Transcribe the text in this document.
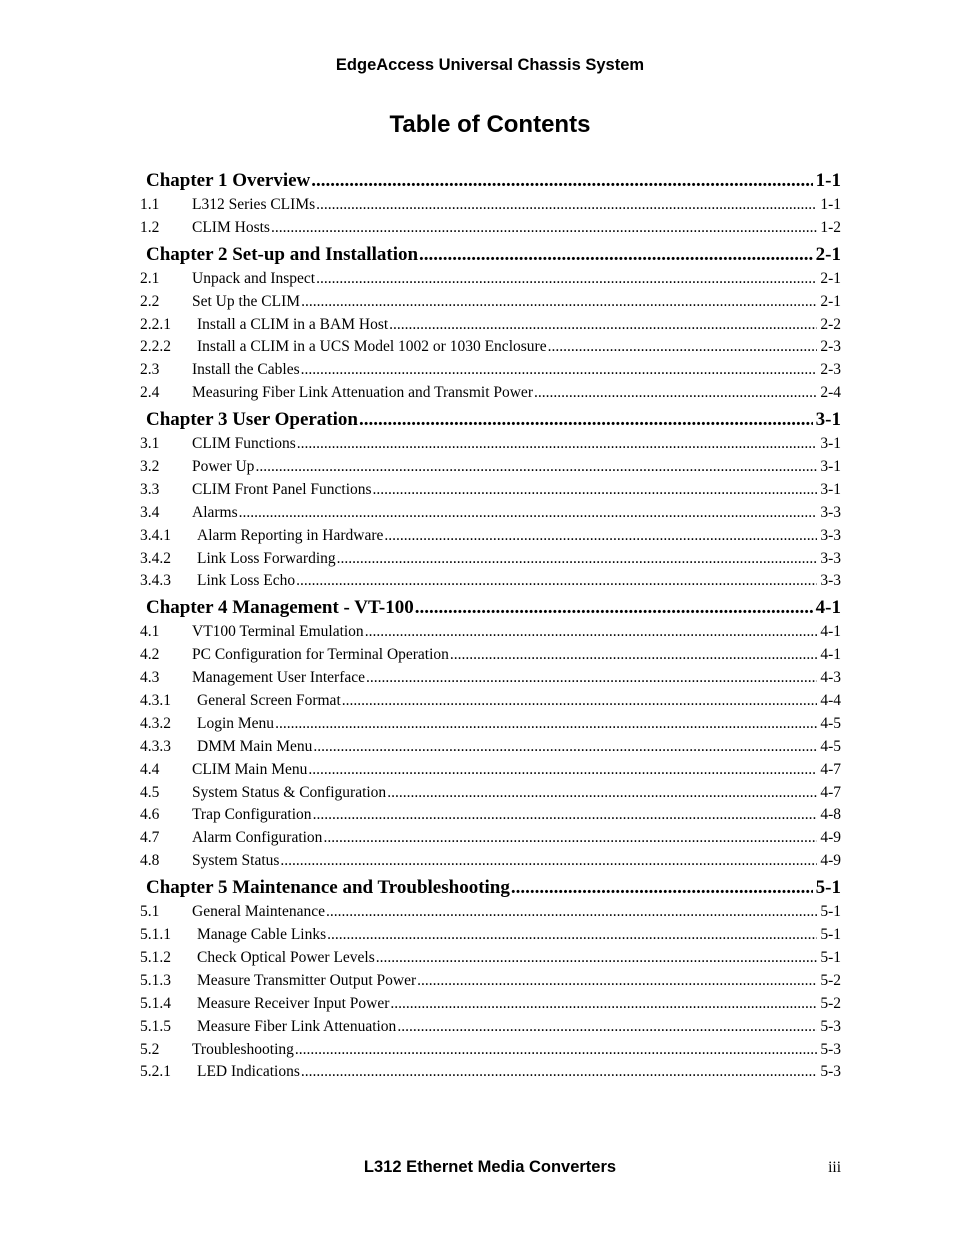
EdgeAccess Universal Chassis System
Table of Contents
Chapter 1 Overview .....	1-1
1.1	L312 Series CLIMs .....	1-1
1.2	CLIM Hosts .....	1-2
Chapter 2 Set-up and Installation .....	2-1
2.1	Unpack and Inspect .....	2-1
2.2	Set Up the CLIM .....	2-1
2.2.1	Install a CLIM in a BAM Host .....	2-2
2.2.2	Install a CLIM in a UCS Model 1002 or 1030 Enclosure .....	2-3
2.3	Install the Cables .....	2-3
2.4	Measuring Fiber Link Attenuation and Transmit Power .....	2-4
Chapter 3 User Operation .....	3-1
3.1	CLIM Functions .....	3-1
3.2	Power Up .....	3-1
3.3	CLIM Front Panel Functions .....	3-1
3.4	Alarms .....	3-3
3.4.1	Alarm Reporting in Hardware .....	3-3
3.4.2	Link Loss Forwarding .....	3-3
3.4.3	Link Loss Echo .....	3-3
Chapter 4 Management - VT-100 .....	4-1
4.1	VT100 Terminal Emulation .....	4-1
4.2	PC Configuration for Terminal Operation .....	4-1
4.3	Management User Interface .....	4-3
4.3.1	General Screen Format .....	4-4
4.3.2	Login Menu .....	4-5
4.3.3	DMM Main Menu .....	4-5
4.4	CLIM Main Menu .....	4-7
4.5	System Status & Configuration .....	4-7
4.6	Trap Configuration .....	4-8
4.7	Alarm Configuration .....	4-9
4.8	System Status .....	4-9
Chapter 5 Maintenance and Troubleshooting .....	5-1
5.1	General Maintenance .....	5-1
5.1.1	Manage Cable Links .....	5-1
5.1.2	Check Optical Power Levels .....	5-1
5.1.3	Measure Transmitter Output Power .....	5-2
5.1.4	Measure Receiver Input Power .....	5-2
5.1.5	Measure Fiber Link Attenuation .....	5-3
5.2	Troubleshooting .....	5-3
5.2.1	LED Indications .....	5-3
L312 Ethernet Media Converters	iii
